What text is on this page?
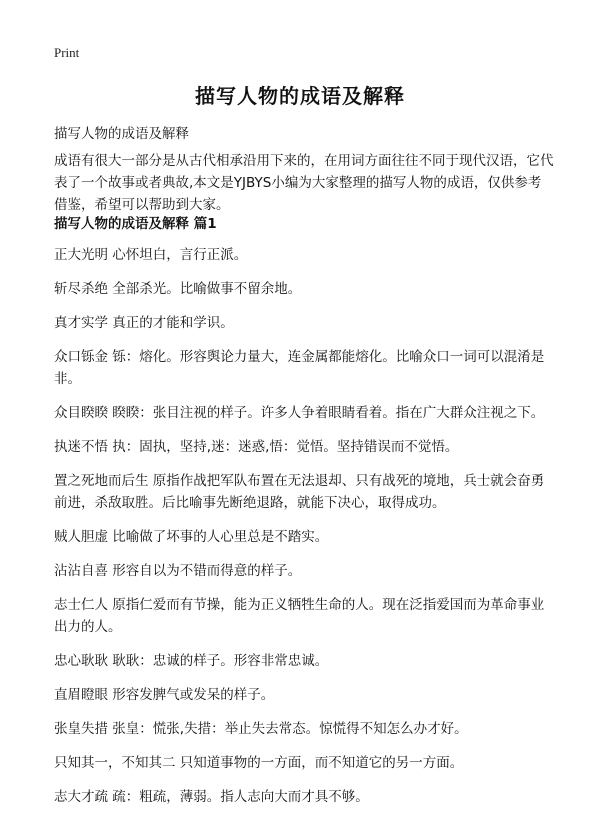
Print
描写人物的成语及解释
描写人物的成语及解释
成语有很大一部分是从古代相承沿用下来的，在用词方面往往不同于现代汉语，它代表了一个故事或者典故,本文是YJBYS小编为大家整理的描写人物的成语，仅供参考借鉴，希望可以帮助到大家。
描写人物的成语及解释 篇1
正大光明 心怀坦白，言行正派。
斩尽杀绝 全部杀光。比喻做事不留余地。
真才实学 真正的才能和学识。
众口铄金 铄：熔化。形容舆论力量大，连金属都能熔化。比喻众口一词可以混淆是非。
众目睽睽 睽睽：张目注视的样子。许多人争着眼睛看着。指在广大群众注视之下。
执迷不悟 执：固执，坚持,迷：迷惑,悟：觉悟。坚持错误而不觉悟。
置之死地而后生 原指作战把军队布置在无法退却、只有战死的境地，兵士就会奋勇前进，杀敌取胜。后比喻事先断绝退路，就能下决心，取得成功。
贼人胆虚 比喻做了坏事的人心里总是不踏实。
沾沾自喜 形容自以为不错而得意的样子。
志士仁人 原指仁爱而有节操，能为正义牺牲生命的人。现在泛指爱国而为革命事业出力的人。
忠心耿耿 耿耿：忠诚的样子。形容非常忠诚。
直眉瞪眼 形容发脾气或发呆的样子。
张皇失措 张皇：慌张,失措：举止失去常态。惊慌得不知怎么办才好。
只知其一，不知其二 只知道事物的一方面，而不知道它的另一方面。
志大才疏 疏：粗疏，薄弱。指人志向大而才具不够。
